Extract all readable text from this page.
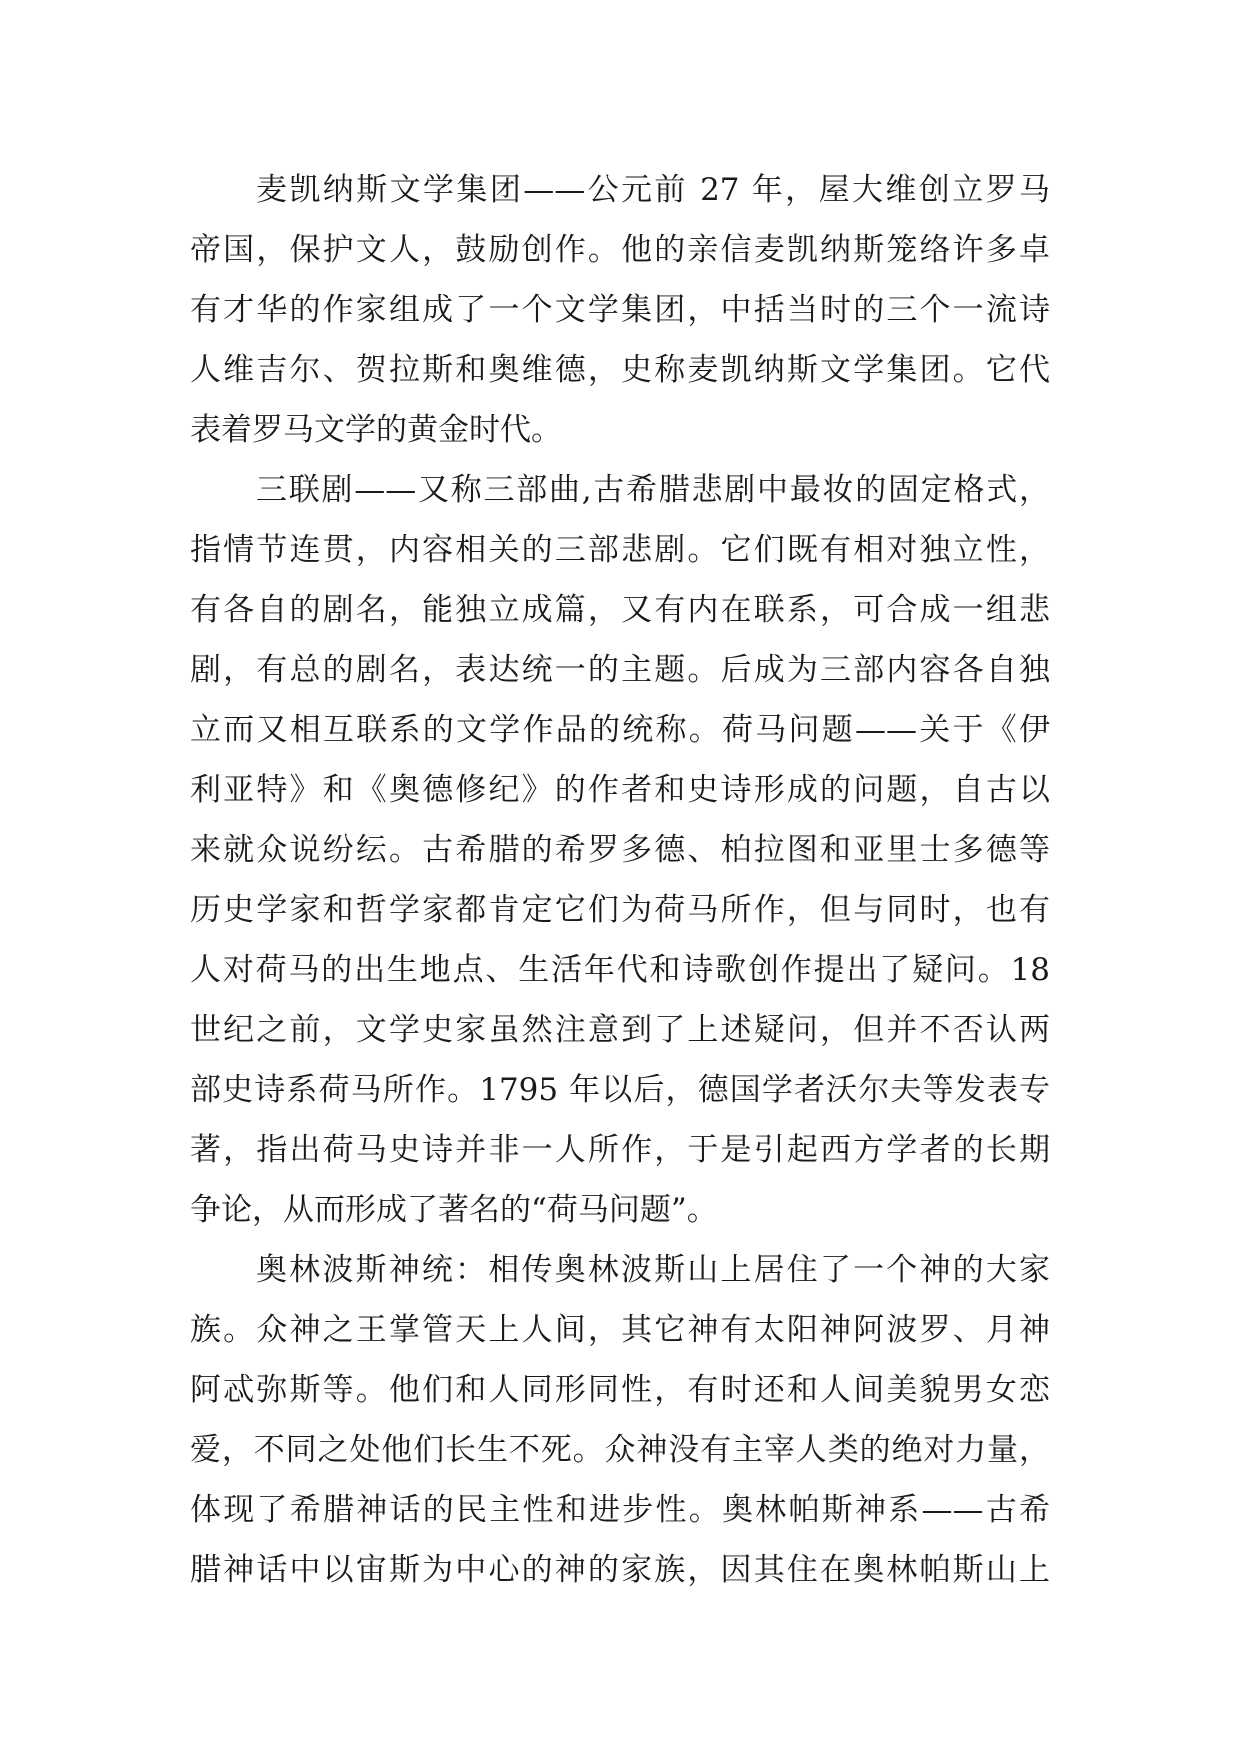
麦凯纳斯文学集团——公元前 27 年，屋大维创立罗马
帝国，保护文人，鼓励创作。他的亲信麦凯纳斯笼络许多卓
有才华的作家组成了一个文学集团，中括当时的三个一流诗
人维吉尔、贺拉斯和奥维德，史称麦凯纳斯文学集团。它代
表着罗马文学的黄金时代。
三联剧——又称三部曲,古希腊悲剧中最妆的固定格式，
指情节连贯，内容相关的三部悲剧。它们既有相对独立性，
有各自的剧名，能独立成篇，又有内在联系，可合成一组悲
剧，有总的剧名，表达统一的主题。后成为三部内容各自独
立而又相互联系的文学作品的统称。荷马问题——关于《伊
利亚特》和《奥德修纪》的作者和史诗形成的问题，自古以
来就众说纷纭。古希腊的希罗多德、柏拉图和亚里士多德等
历史学家和哲学家都肯定它们为荷马所作，但与同时，也有
人对荷马的出生地点、生活年代和诗歌创作提出了疑问。18
世纪之前，文学史家虽然注意到了上述疑问，但并不否认两
部史诗系荷马所作。1795 年以后，德国学者沃尔夫等发表专
著，指出荷马史诗并非一人所作，于是引起西方学者的长期
争论，从而形成了著名的“荷马问题”。
奥林波斯神统：相传奥林波斯山上居住了一个神的大家
族。众神之王掌管天上人间，其它神有太阳神阿波罗、月神
阿忒弥斯等。他们和人同形同性，有时还和人间美貌男女恋
爱，不同之处他们长生不死。众神没有主宰人类的绝对力量，
体现了希腊神话的民主性和进步性。奥林帕斯神系——古希
腊神话中以宙斯为中心的神的家族，因其住在奥林帕斯山上
